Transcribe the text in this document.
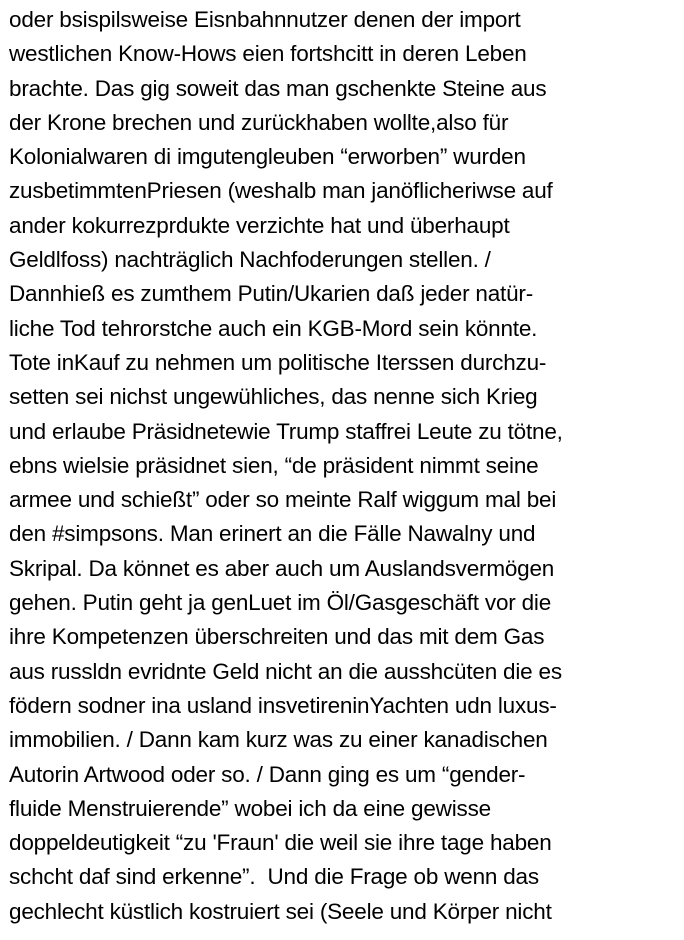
oder bsispilsweise Eisnbahnnutzer denen der import
westlichen Know-Hows eien fortshcitt in deren Leben
brachte. Das gig soweit das man gschenkte Steine aus
der Krone brechen und zurückhaben wollte,also für
Kolonialwaren di imgutengleuben “erworben” wurden
zusbetimmtenPriesen (weshalb man janöflicheriwse auf
ander kokurrezprdukte verzichte hat und überhaupt
Geldlfoss) nachträglich Nachfoderungen stellen. /
Dannhieß es zumthem Putin/Ukarien daß jeder natür-
liche Tod tehrorstche auch ein KGB-Mord sein könnte.
Tote inKauf zu nehmen um politische Iterssen durchzu-
setten sei nichst ungewühliches, das nenne sich Krieg
und erlaube Präsidnetewie Trump staffrei Leute zu tötne,
ebns wielsie präsidnet sien, “de präsident nimmt seine
armee und schießt” oder so meinte Ralf wiggum mal bei
den #simpsons. Man erinert an die Fälle Nawalny und
Skripal. Da könnet es aber auch um Auslandsvermögen
gehen. Putin geht ja genLuet im Öl/Gasgeschäft vor die
ihre Kompetenzen überschreiten und das mit dem Gas
aus russldn evridnte Geld nicht an die ausshcüten die es
födern sodner ina usland insvetireninYachten udn luxus-
immobilien. / Dann kam kurz was zu einer kanadischen
Autorin Artwood oder so. / Dann ging es um “gender-
fluide Menstruierende” wobei ich da eine gewisse
doppeldeutigkeit “zu 'Fraun' die weil sie ihre tage haben
schcht daf sind erkenne”.  Und die Frage ob wenn das
gechlecht küstlich kostruiert sei (Seele und Körper nicht
